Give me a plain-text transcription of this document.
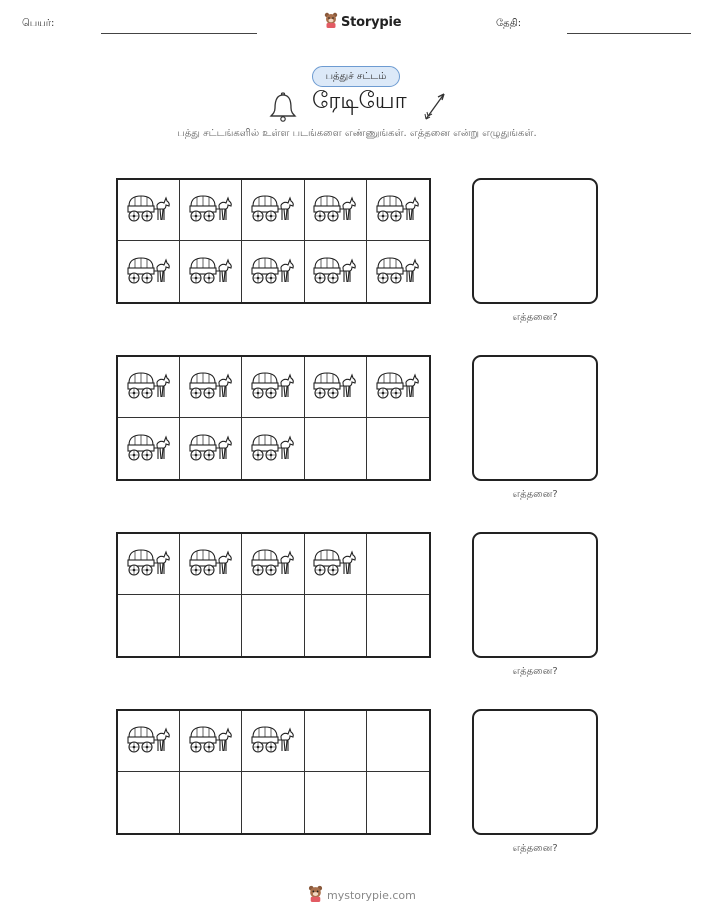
பெயர்:	Storypie	தேதி:
பத்துச் சட்டம்
ரேடியோ
பத்து சட்டங்களில் உள்ள படங்களை எண்ணுங்கள். எத்தனை என்று எழுதுங்கள்.
எத்தனை?
எத்தனை?
எத்தனை?
எத்தனை?
mystorypie.com
